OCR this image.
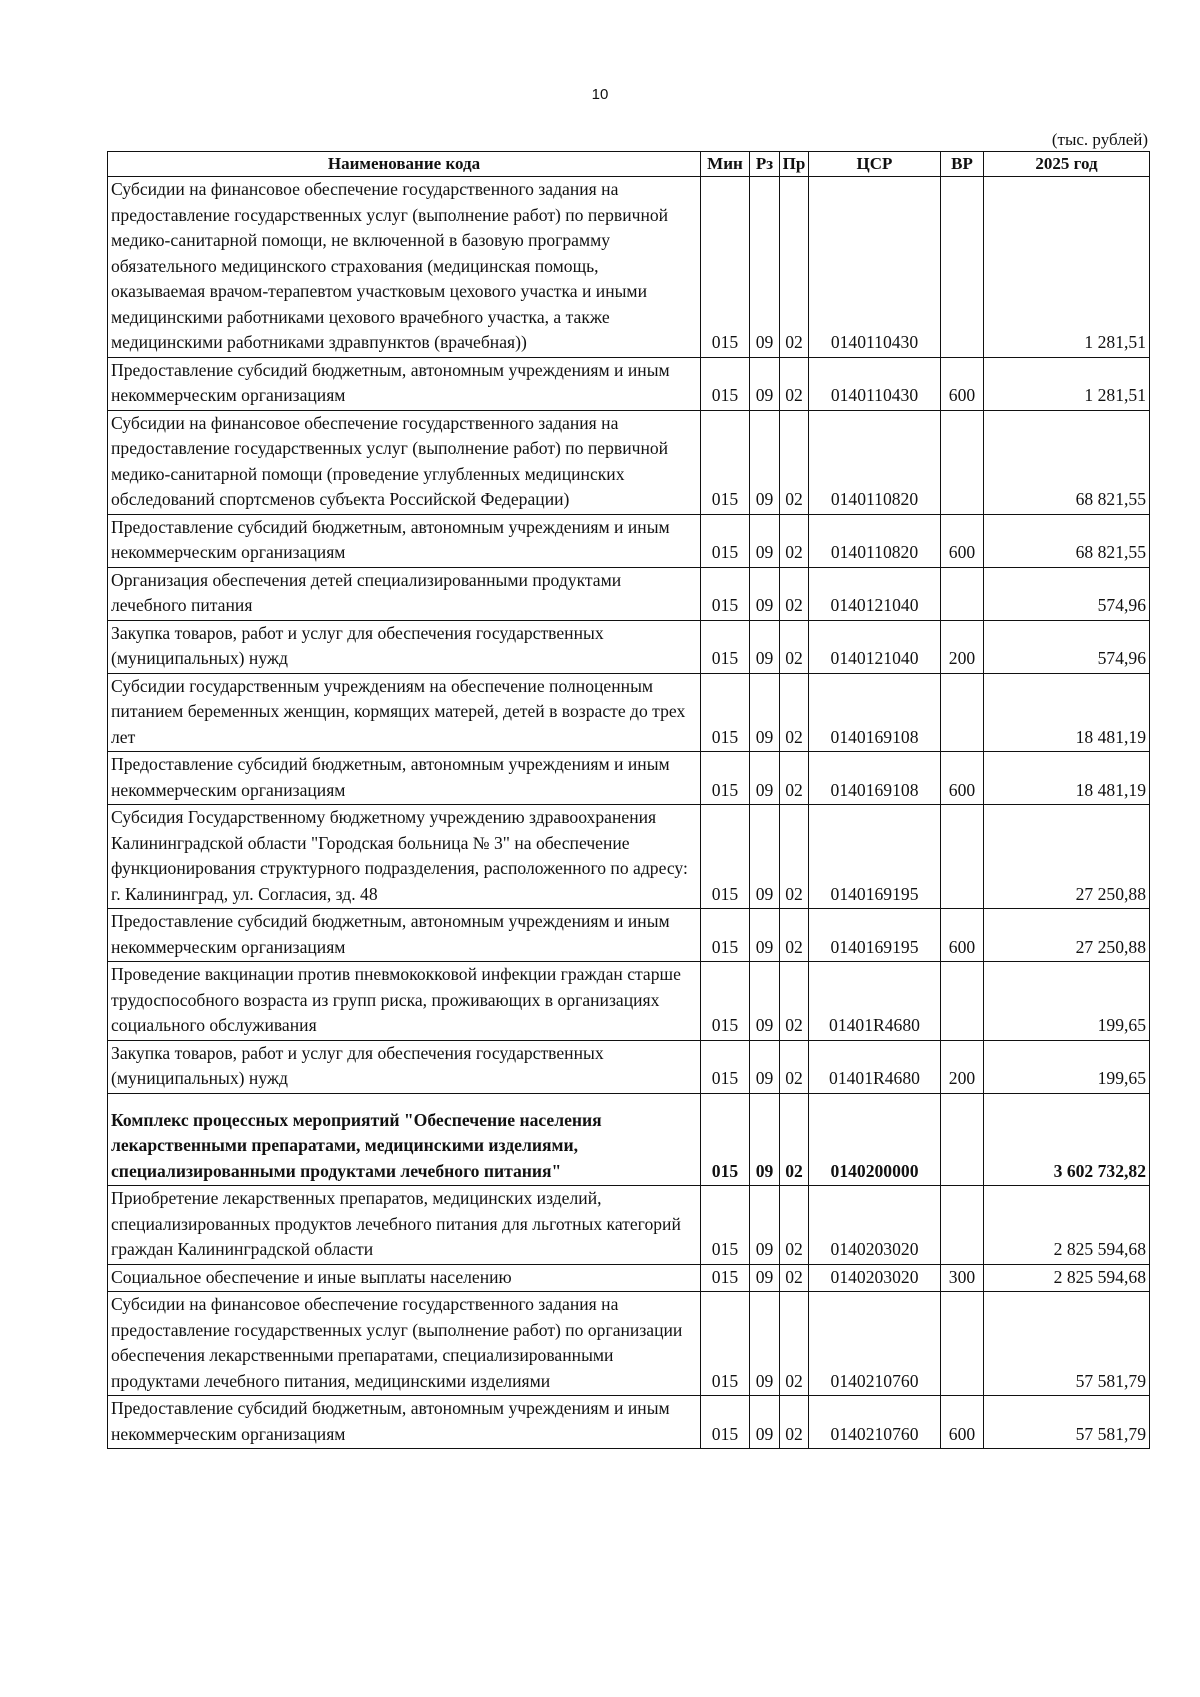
10
(тыс. рублей)
Наименование кода	Мин	Рз	Пр	ЦСР	ВР	2025 год
Субсидии на финансовое обеспечение государственного задания на предоставление государственных услуг (выполнение работ) по первичной медико-санитарной помощи, не включенной в базовую программу обязательного медицинского страхования (медицинская помощь, оказываемая врачом-терапевтом участковым цехового участка и иными медицинскими работниками цехового врачебного участка, а также медицинскими работниками здравпунктов (врачебная))	015	09	02	0140110430		1 281,51
Предоставление субсидий бюджетным, автономным учреждениям и иным некоммерческим организациям	015	09	02	0140110430	600	1 281,51
Субсидии на финансовое обеспечение государственного задания на предоставление государственных услуг (выполнение работ) по первичной медико-санитарной помощи (проведение углубленных медицинских обследований спортсменов субъекта Российской Федерации)	015	09	02	0140110820		68 821,55
Предоставление субсидий бюджетным, автономным учреждениям и иным некоммерческим организациям	015	09	02	0140110820	600	68 821,55
Организация обеспечения детей специализированными продуктами лечебного питания	015	09	02	0140121040		574,96
Закупка товаров, работ и услуг для обеспечения государственных (муниципальных) нужд	015	09	02	0140121040	200	574,96
Субсидии государственным учреждениям на обеспечение полноценным питанием беременных женщин, кормящих матерей, детей в возрасте до трех лет	015	09	02	0140169108		18 481,19
Предоставление субсидий бюджетным, автономным учреждениям и иным некоммерческим организациям	015	09	02	0140169108	600	18 481,19
Субсидия Государственному бюджетному учреждению здравоохранения Калининградской области "Городская больница № 3" на обеспечение функционирования структурного подразделения, расположенного по адресу: г. Калининград, ул. Согласия, зд. 48	015	09	02	0140169195		27 250,88
Предоставление субсидий бюджетным, автономным учреждениям и иным некоммерческим организациям	015	09	02	0140169195	600	27 250,88
Проведение вакцинации против пневмококковой инфекции граждан старше трудоспособного возраста из групп риска, проживающих в организациях социального обслуживания	015	09	02	01401R4680		199,65
Закупка товаров, работ и услуг для обеспечения государственных (муниципальных) нужд	015	09	02	01401R4680	200	199,65
Комплекс процессных мероприятий "Обеспечение населения лекарственными препаратами, медицинскими изделиями, специализированными продуктами лечебного питания"	015	09	02	0140200000		3 602 732,82
Приобретение лекарственных препаратов, медицинских изделий, специализированных продуктов лечебного питания для льготных категорий граждан Калининградской области	015	09	02	0140203020		2 825 594,68
Социальное обеспечение и иные выплаты населению	015	09	02	0140203020	300	2 825 594,68
Субсидии на финансовое обеспечение государственного задания на предоставление государственных услуг (выполнение работ) по организации обеспечения лекарственными препаратами, специализированными продуктами лечебного питания, медицинскими изделиями	015	09	02	0140210760		57 581,79
Предоставление субсидий бюджетным, автономным учреждениям и иным некоммерческим организациям	015	09	02	0140210760	600	57 581,79
